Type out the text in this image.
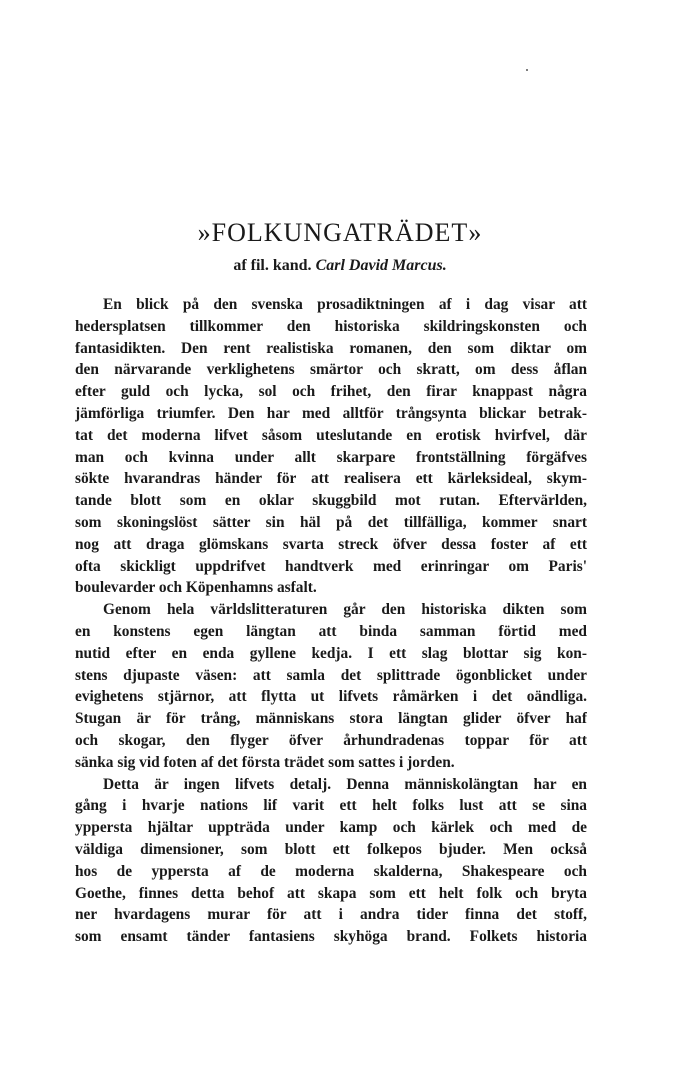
»FOLKUNGATRÄDET»
af fil. kand. Carl David Marcus.
En blick på den svenska prosadiktningen af i dag visar att
hedersplatsen tillkommer den historiska skildringskonsten och
fantasidikten. Den rent realistiska romanen, den som diktar om
den närvarande verklighetens smärtor och skratt, om dess åflan
efter guld och lycka, sol och frihet, den firar knappast några
jämförliga triumfer. Den har med alltför trångsynta blickar betrak-
tat det moderna lifvet såsom uteslutande en erotisk hvirfvel, där
man och kvinna under allt skarpare frontställning förgäfves
sökte hvarandras händer för att realisera ett kärleksideal, skym-
tande blott som en oklar skuggbild mot rutan. Eftervärlden,
som skoningslöst sätter sin häl på det tillfälliga, kommer snart
nog att draga glömskans svarta streck öfver dessa foster af ett
ofta skickligt uppdrifvet handtverk med erinringar om Paris'
boulevarder och Köpenhamns asfalt.
Genom hela världslitteraturen går den historiska dikten som
en konstens egen längtan att binda samman förtid med
nutid efter en enda gyllene kedja. I ett slag blottar sig kon-
stens djupaste väsen: att samla det splittrade ögonblicket under
evighetens stjärnor, att flytta ut lifvets råmärken i det oändliga.
Stugan är för trång, människans stora längtan glider öfver haf
och skogar, den flyger öfver århundradenas toppar för att
sänka sig vid foten af det första trädet som sattes i jorden.
Detta är ingen lifvets detalj. Denna människolängtan har en
gång i hvarje nations lif varit ett helt folks lust att se sina
yppersta hjältar uppträda under kamp och kärlek och med de
väldiga dimensioner, som blott ett folkepos bjuder. Men också
hos de yppersta af de moderna skalderna, Shakespeare och
Goethe, finnes detta behof att skapa som ett helt folk och bryta
ner hvardagens murar för att i andra tider finna det stoff,
som ensamt tänder fantasiens skyhöga brand. Folkets historia
